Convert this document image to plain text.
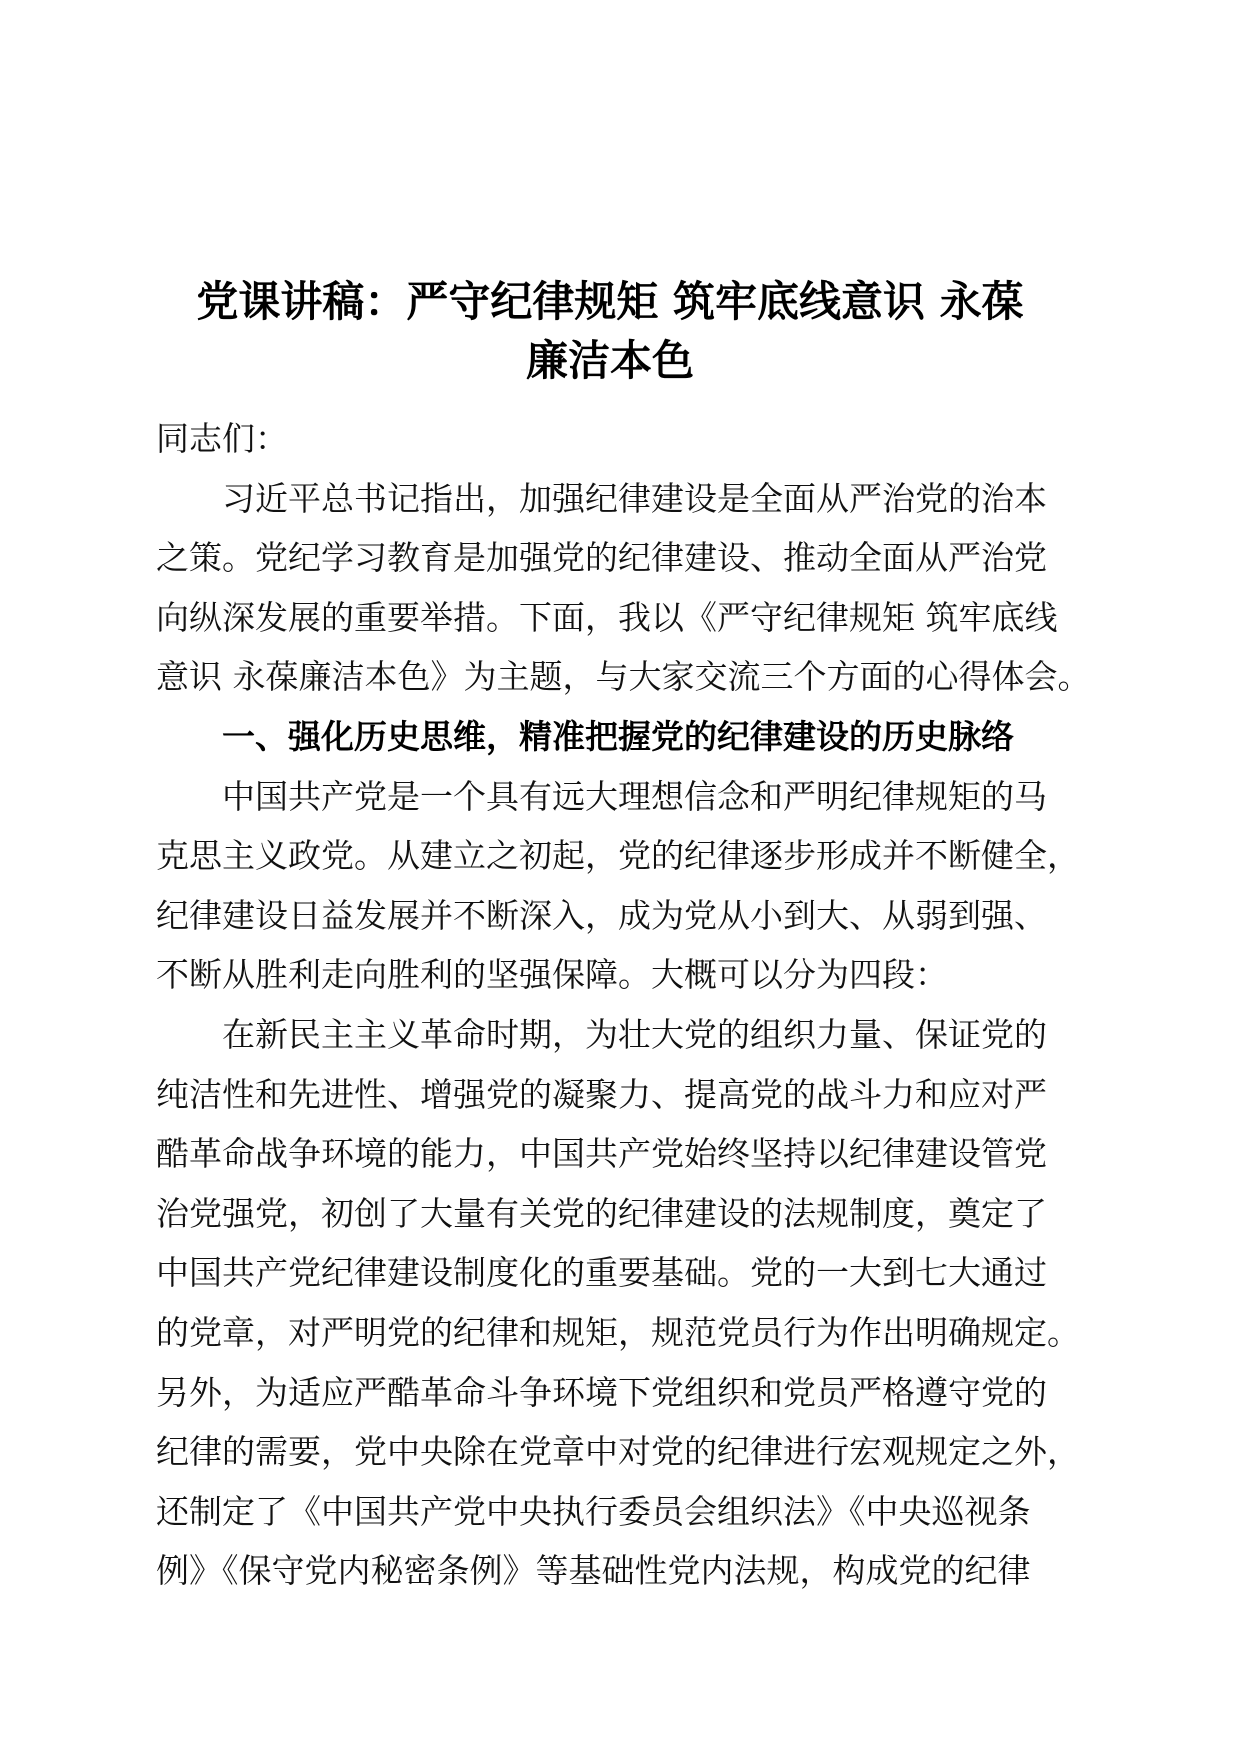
党课讲稿：严守纪律规矩 筑牢底线意识 永葆
廉洁本色
同志们：
习近平总书记指出，加强纪律建设是全面从严治党的治本
之策。党纪学习教育是加强党的纪律建设、推动全面从严治党
向纵深发展的重要举措。下面，我以《严守纪律规矩 筑牢底线
意识 永葆廉洁本色》为主题，与大家交流三个方面的心得体会。
一、强化历史思维，精准把握党的纪律建设的历史脉络
中国共产党是一个具有远大理想信念和严明纪律规矩的马
克思主义政党。从建立之初起，党的纪律逐步形成并不断健全，
纪律建设日益发展并不断深入，成为党从小到大、从弱到强、
不断从胜利走向胜利的坚强保障。大概可以分为四段：
在新民主主义革命时期，为壮大党的组织力量、保证党的
纯洁性和先进性、增强党的凝聚力、提高党的战斗力和应对严
酷革命战争环境的能力，中国共产党始终坚持以纪律建设管党
治党强党，初创了大量有关党的纪律建设的法规制度，奠定了
中国共产党纪律建设制度化的重要基础。党的一大到七大通过
的党章，对严明党的纪律和规矩，规范党员行为作出明确规定。
另外，为适应严酷革命斗争环境下党组织和党员严格遵守党的
纪律的需要，党中央除在党章中对党的纪律进行宏观规定之外，
还制定了《中国共产党中央执行委员会组织法》《中央巡视条
例》《保守党内秘密条例》等基础性党内法规，构成党的纪律
